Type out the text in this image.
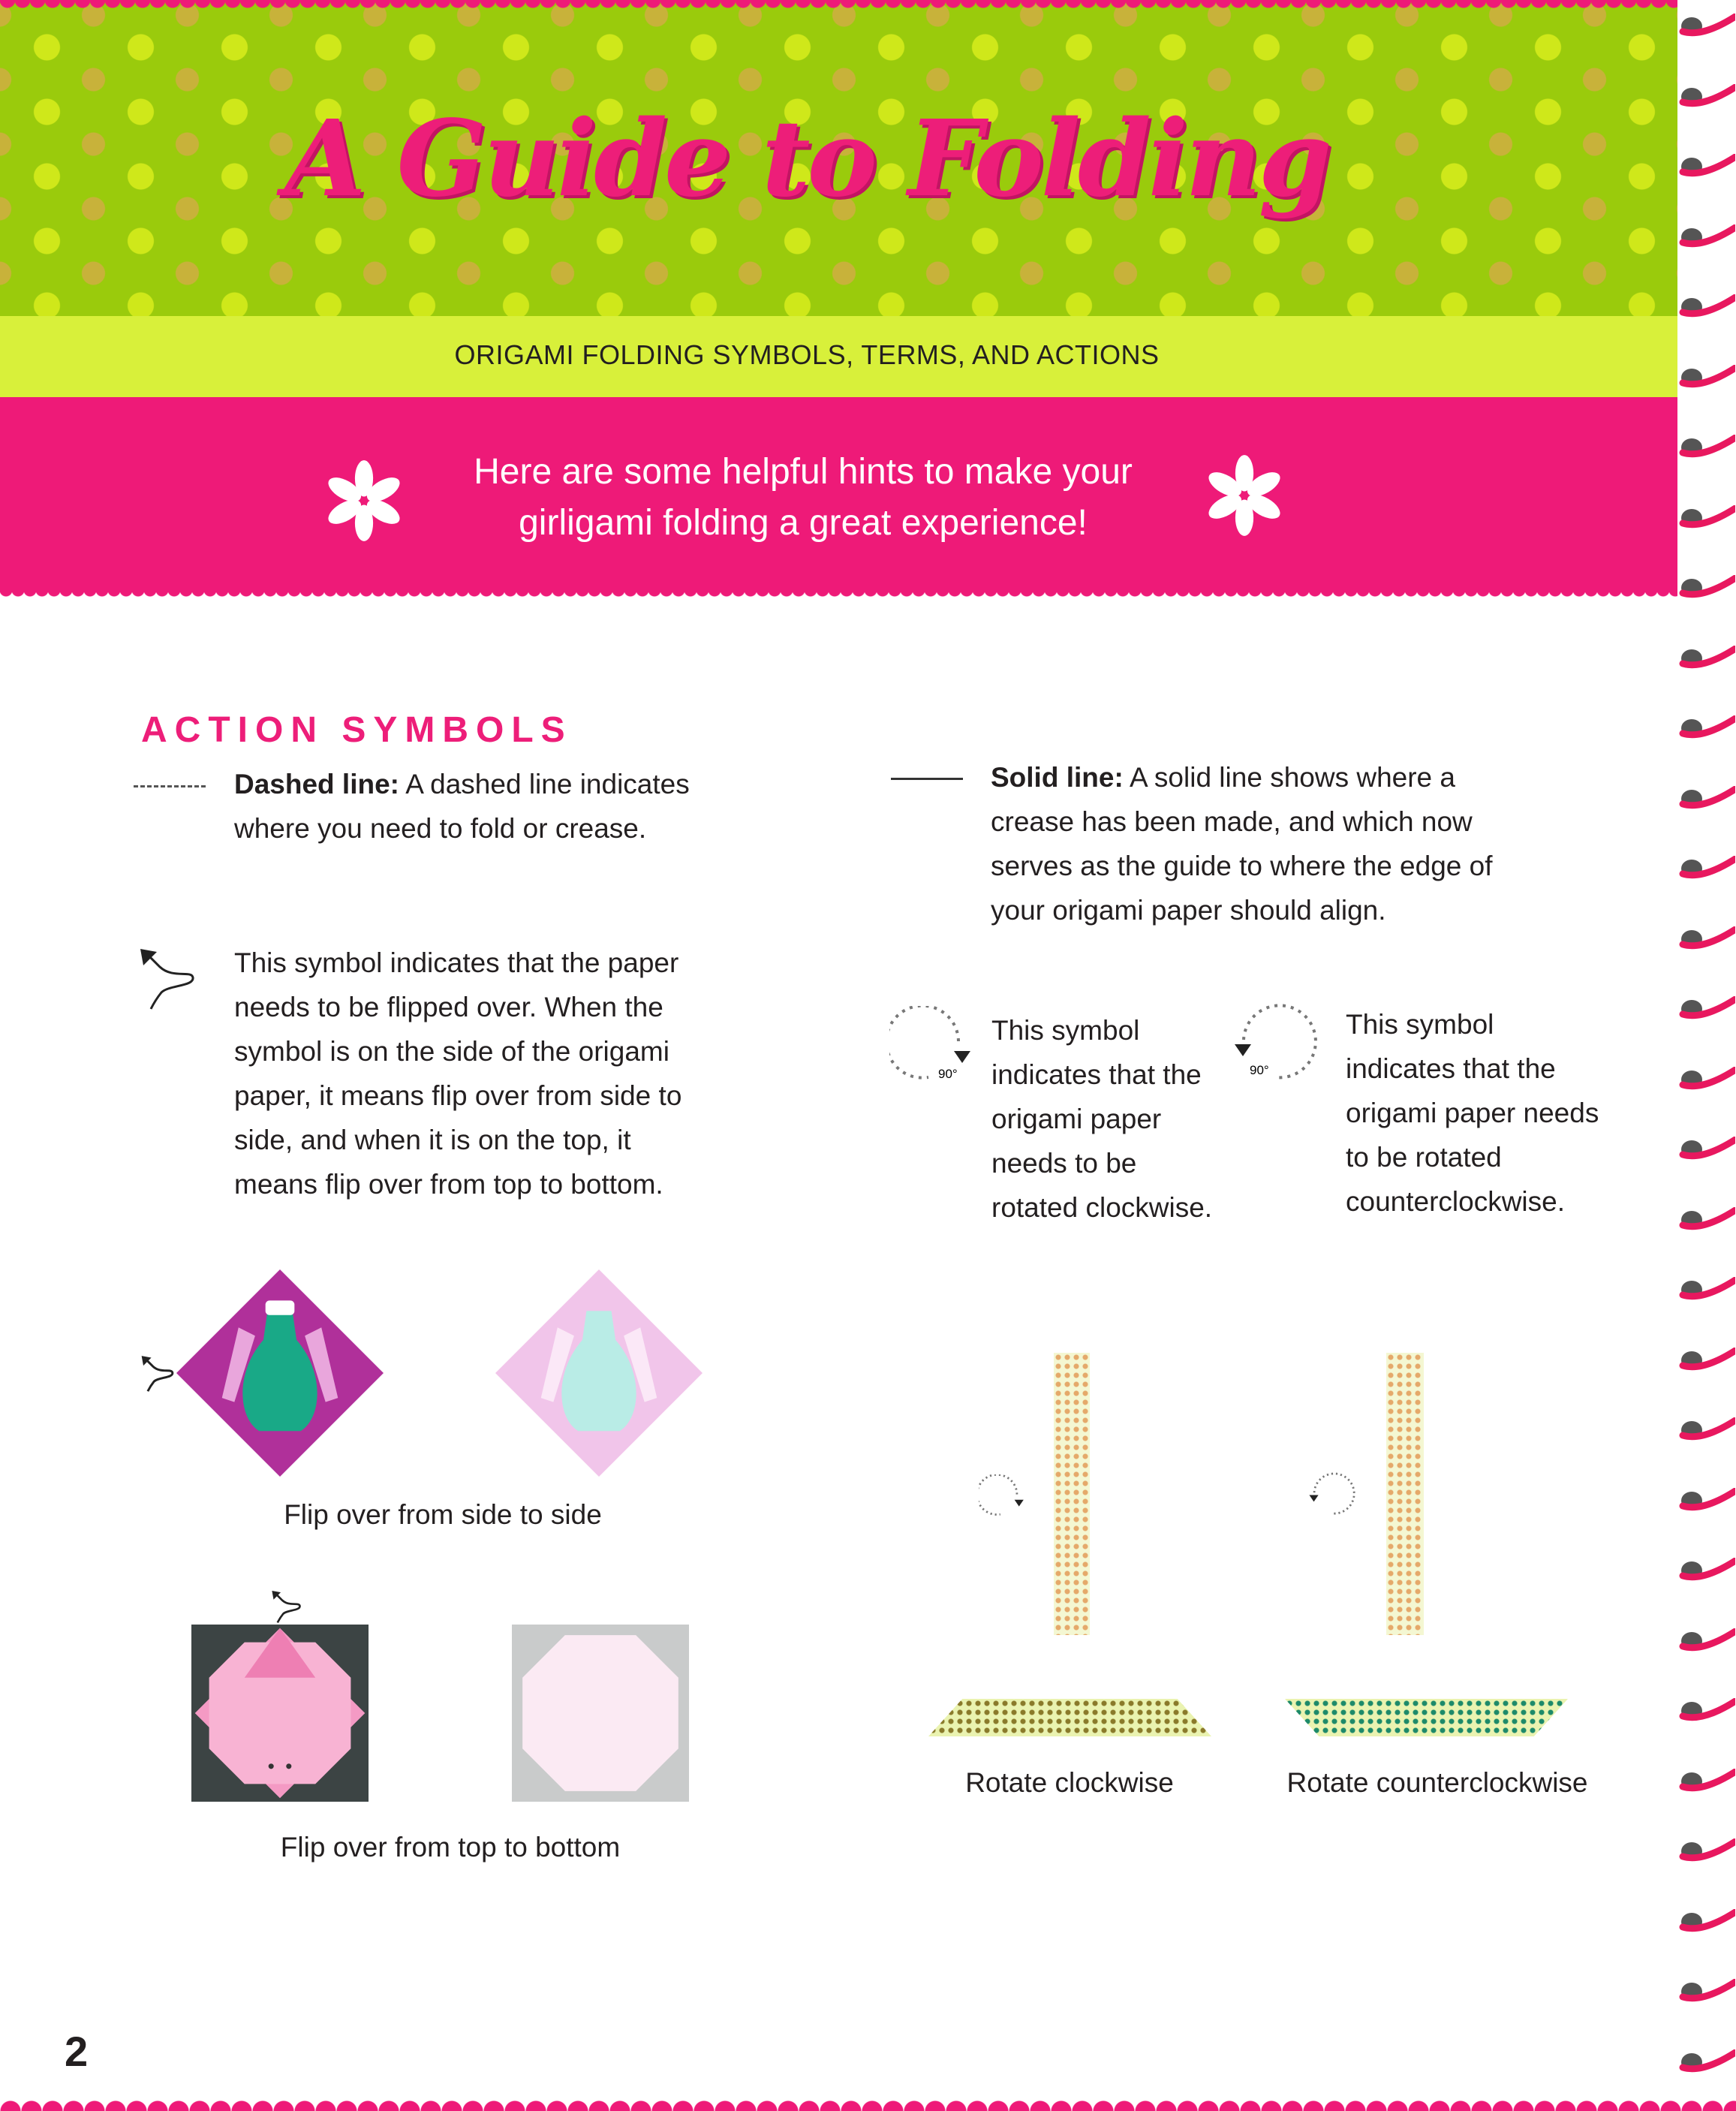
A Guide to Folding
ORIGAMI FOLDING SYMBOLS, TERMS, AND ACTIONS
Here are some helpful hints to make your girligami folding a great experience!
ACTION SYMBOLS
Dashed line: A dashed line indicates where you need to fold or crease.
Solid line: A solid line shows where a crease has been made, and which now serves as the guide to where the edge of your origami paper should align.
This symbol indicates that the paper needs to be flipped over. When the symbol is on the side of the origami paper, it means flip over from side to side, and when it is on the top, it means flip over from top to bottom.
90°
This symbol indicates that the origami paper needs to be rotated clockwise.
90°
This symbol indicates that the origami paper needs to be rotated counterclockwise.
Flip over from side to side
Flip over from top to bottom
Rotate clockwise	Rotate counterclockwise
2
